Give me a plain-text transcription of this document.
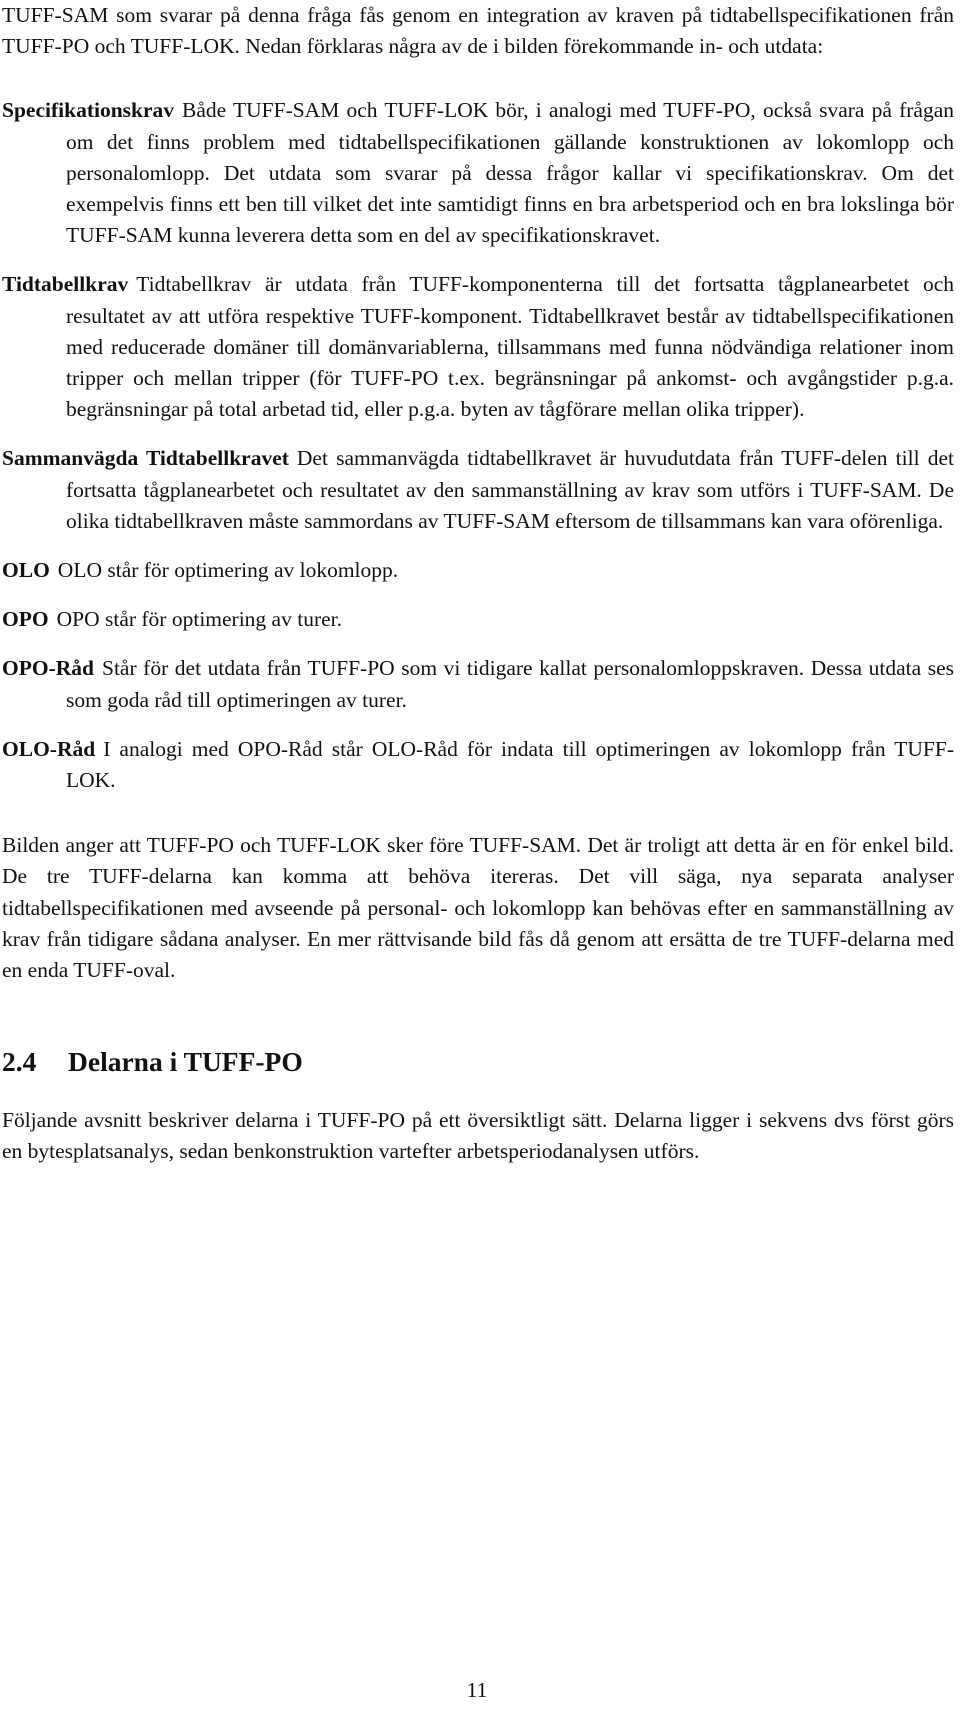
TUFF-SAM som svarar på denna fråga fås genom en integration av kraven på tidtabellspecifikationen från TUFF-PO och TUFF-LOK. Nedan förklaras några av de i bilden förekommande in- och utdata:

Specifikationskrav Både TUFF-SAM och TUFF-LOK bör, i analogi med TUFF-PO, också svara på frågan om det finns problem med tidtabellspecifikationen gällande konstruktionen av lokomlopp och personalomlopp. Det utdata som svarar på dessa frågor kallar vi specifikationskrav. Om det exempelvis finns ett ben till vilket det inte samtidigt finns en bra arbetsperiod och en bra lokslinga bör TUFF-SAM kunna leverera detta som en del av specifikationskravet.
Tidtabellkrav Tidtabellkrav är utdata från TUFF-komponenterna till det fortsatta tågplanearbetet och resultatet av att utföra respektive TUFF-komponent. Tidtabellkravet består av tidtabellspecifikationen med reducerade domäner till domänvariablerna, tillsammans med funna nödvändiga relationer inom tripper och mellan tripper (för TUFF-PO t.ex. begränsningar på ankomst- och avgångstider p.g.a. begränsningar på total arbetad tid, eller p.g.a. byten av tågförare mellan olika tripper).
Sammanvägda Tidtabellkravet Det sammanvägda tidtabellkravet är huvudutdata från TUFF-delen till det fortsatta tågplanearbetet och resultatet av den sammanställning av krav som utförs i TUFF-SAM. De olika tidtabellkraven måste sammordans av TUFF-SAM eftersom de tillsammans kan vara oförenliga.
OLO OLO står för optimering av lokomlopp.
OPO OPO står för optimering av turer.
OPO-Råd Står för det utdata från TUFF-PO som vi tidigare kallat personalomloppskraven. Dessa utdata ses som goda råd till optimeringen av turer.
OLO-Råd I analogi med OPO-Råd står OLO-Råd för indata till optimeringen av lokomlopp från TUFF-LOK.

Bilden anger att TUFF-PO och TUFF-LOK sker före TUFF-SAM. Det är troligt att detta är en för enkel bild. De tre TUFF-delarna kan komma att behöva itereras. Det vill säga, nya separata analyser tidtabellspecifikationen med avseende på personal- och lokomlopp kan behövas efter en sammanställning av krav från tidigare sådana analyser. En mer rättvisande bild fås då genom att ersätta de tre TUFF-delarna med en enda TUFF-oval.

2.4	Delarna i TUFF-PO

Följande avsnitt beskriver delarna i TUFF-PO på ett översiktligt sätt. Delarna ligger i sekvens dvs först görs en bytesplatsanalys, sedan benkonstruktion vartefter arbetsperiodanalysen utförs.

11
